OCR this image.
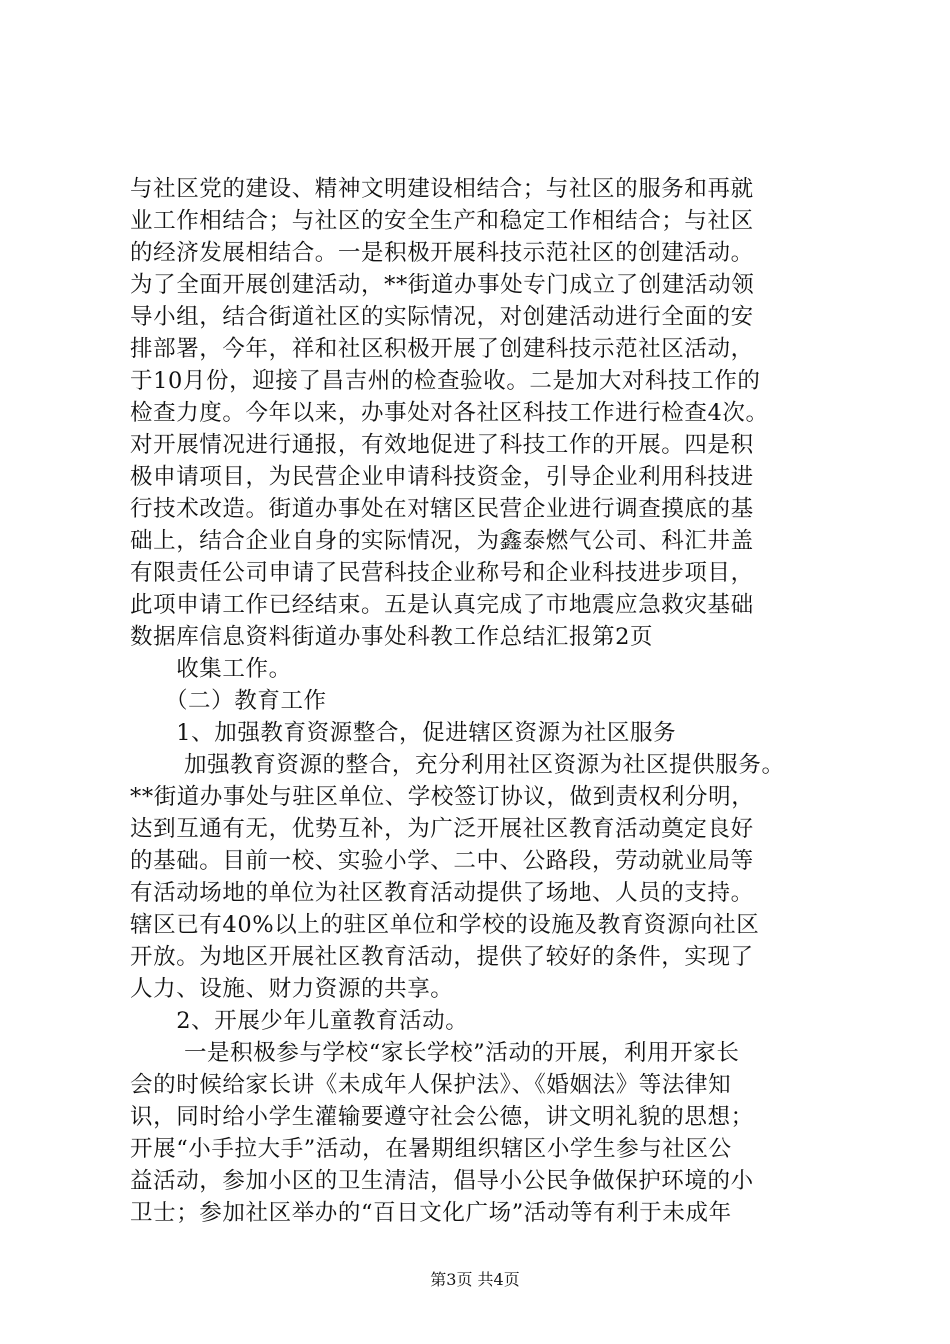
与社区党的建设、精神文明建设相结合；与社区的服务和再就
业工作相结合；与社区的安全生产和稳定工作相结合；与社区
的经济发展相结合。一是积极开展科技示范社区的创建活动。
为了全面开展创建活动，**街道办事处专门成立了创建活动领
导小组，结合街道社区的实际情况，对创建活动进行全面的安
排部署，今年，祥和社区积极开展了创建科技示范社区活动，
于10月份，迎接了昌吉州的检查验收。二是加大对科技工作的
检查力度。今年以来，办事处对各社区科技工作进行检查4次。
对开展情况进行通报，有效地促进了科技工作的开展。四是积
极申请项目，为民营企业申请科技资金，引导企业利用科技进
行技术改造。街道办事处在对辖区民营企业进行调查摸底的基
础上，结合企业自身的实际情况，为鑫泰燃气公司、科汇井盖
有限责任公司申请了民营科技企业称号和企业科技进步项目，
此项申请工作已经结束。五是认真完成了市地震应急救灾基础
数据库信息资料街道办事处科教工作总结汇报第2页
　　收集工作。
　　（二）教育工作
　　1、加强教育资源整合，促进辖区资源为社区服务
　　 加强教育资源的整合，充分利用社区资源为社区提供服务。
**街道办事处与驻区单位、学校签订协议，做到责权利分明，
达到互通有无，优势互补，为广泛开展社区教育活动奠定良好
的基础。目前一校、实验小学、二中、公路段，劳动就业局等
有活动场地的单位为社区教育活动提供了场地、人员的支持。
辖区已有40%以上的驻区单位和学校的设施及教育资源向社区
开放。为地区开展社区教育活动，提供了较好的条件，实现了
人力、设施、财力资源的共享。
　　2、开展少年儿童教育活动。
　　 一是积极参与学校“家长学校”活动的开展，利用开家长
会的时候给家长讲《未成年人保护法》、《婚姻法》等法律知
识，同时给小学生灌输要遵守社会公德，讲文明礼貌的思想；
开展“小手拉大手”活动，在暑期组织辖区小学生参与社区公
益活动，参加小区的卫生清洁，倡导小公民争做保护环境的小
卫士；参加社区举办的“百日文化广场”活动等有利于未成年
第3页 共4页
